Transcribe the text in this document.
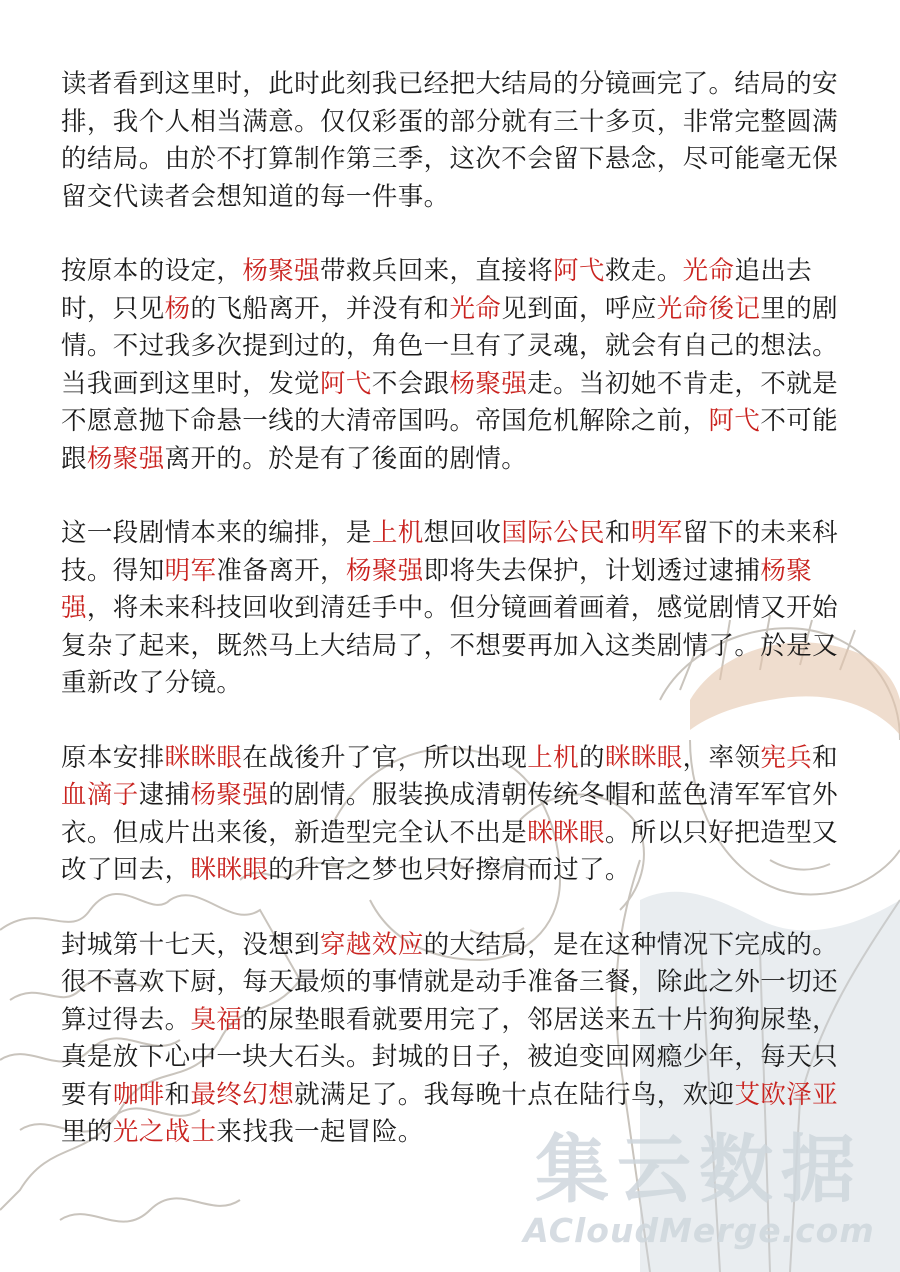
读者看到这里时，此时此刻我已经把大结局的分镜画完了。结局的安排，我个人相当满意。仅仅彩蛋的部分就有三十多页，非常完整圆满的结局。由於不打算制作第三季，这次不会留下悬念，尽可能毫无保留交代读者会想知道的每一件事。

按原本的设定，杨聚强带救兵回来，直接将阿弋救走。光命追出去时，只见杨的飞船离开，并没有和光命见到面，呼应光命後记里的剧情。不过我多次提到过的，角色一旦有了灵魂，就会有自己的想法。当我画到这里时，发觉阿弋不会跟杨聚强走。当初她不肯走，不就是不愿意抛下命悬一线的大清帝国吗。帝国危机解除之前，阿弋不可能跟杨聚强离开的。於是有了後面的剧情。

这一段剧情本来的编排，是上机想回收国际公民和明军留下的未来科技。得知明军准备离开，杨聚强即将失去保护，计划透过逮捕杨聚强，将未来科技回收到清廷手中。但分镜画着画着，感觉剧情又开始复杂了起来，既然马上大结局了，不想要再加入这类剧情了。於是又重新改了分镜。

原本安排眯眯眼在战後升了官，所以出现上机的眯眯眼，率领宪兵和血滴子逮捕杨聚强的剧情。服装换成清朝传统冬帽和蓝色清军军官外衣。但成片出来後，新造型完全认不出是眯眯眼。所以只好把造型又改了回去，眯眯眼的升官之梦也只好擦肩而过了。

封城第十七天，没想到穿越效应的大结局，是在这种情况下完成的。很不喜欢下厨，每天最烦的事情就是动手准备三餐，除此之外一切还算过得去。臭福的尿垫眼看就要用完了，邻居送来五十片狗狗尿垫，真是放下心中一块大石头。封城的日子，被迫变回网瘾少年，每天只要有咖啡和最终幻想就满足了。我每晚十点在陆行鸟，欢迎艾欧泽亚里的光之战士来找我一起冒险。	集云数据
ACloudMerge.com
